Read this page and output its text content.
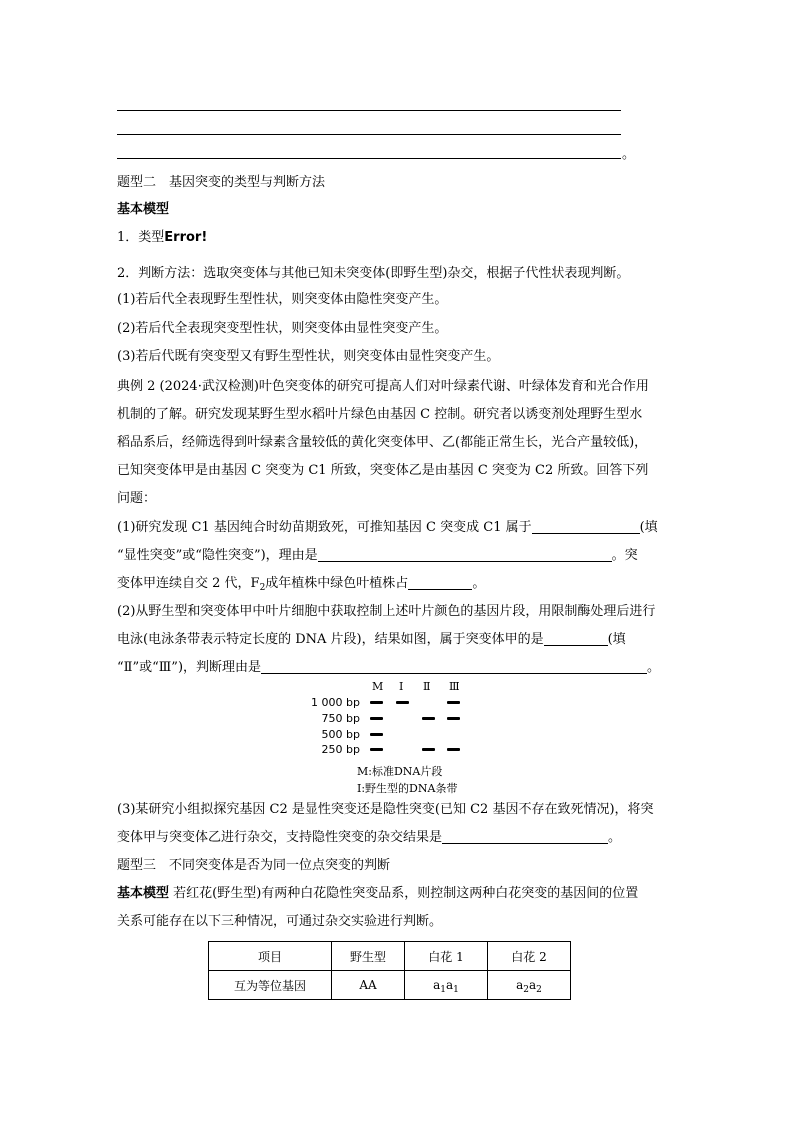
。
题型二　基因突变的类型与判断方法
基本模型
1．类型Error!
2．判断方法：选取突变体与其他已知未突变体(即野生型)杂交，根据子代性状表现判断。
(1)若后代全表现野生型性状，则突变体由隐性突变产生。
(2)若后代全表现突变型性状，则突变体由显性突变产生。
(3)若后代既有突变型又有野生型性状，则突变体由显性突变产生。
典例 2 (2024·武汉检测)叶色突变体的研究可提高人们对叶绿素代谢、叶绿体发育和光合作用
机制的了解。研究发现某野生型水稻叶片绿色由基因 C 控制。研究者以诱变剂处理野生型水
稻品系后，经筛选得到叶绿素含量较低的黄化突变体甲、乙(都能正常生长，光合产量较低)，
已知突变体甲是由基因 C 突变为 C1 所致，突变体乙是由基因 C 突变为 C2 所致。回答下列
问题：
(1)研究发现 C1 基因纯合时幼苗期致死，可推知基因 C 突变成 C1 属于	(填
“显性突变”或“隐性突变”)，理由是	。突
变体甲连续自交 2 代，$F_2$成年植株中绿色叶植株占	。
(2)从野生型和突变体甲中叶片细胞中获取控制上述叶片颜色的基因片段，用限制酶处理后进行
电泳(电泳条带表示特定长度的 DNA 片段)，结果如图，属于突变体甲的是	(填
“Ⅱ”或“Ⅲ”)，判断理由是	。
M Ⅰ Ⅱ Ⅲ
1 000 bp
750 bp
500 bp
250 bp
M:标准DNA片段
Ⅰ:野生型的DNA条带
(3)某研究小组拟探究基因 C2 是显性突变还是隐性突变(已知 C2 基因不存在致死情况)，将突
变体甲与突变体乙进行杂交，支持隐性突变的杂交结果是	。
题型三　不同突变体是否为同一位点突变的判断
基本模型 若红花(野生型)有两种白花隐性突变品系，则控制这两种白花突变的基因间的位置
关系可能存在以下三种情况，可通过杂交实验进行判断。
项目	野生型	白花 1	白花 2
互为等位基因	AA	$a_1a_1$	$a_2a_2$
